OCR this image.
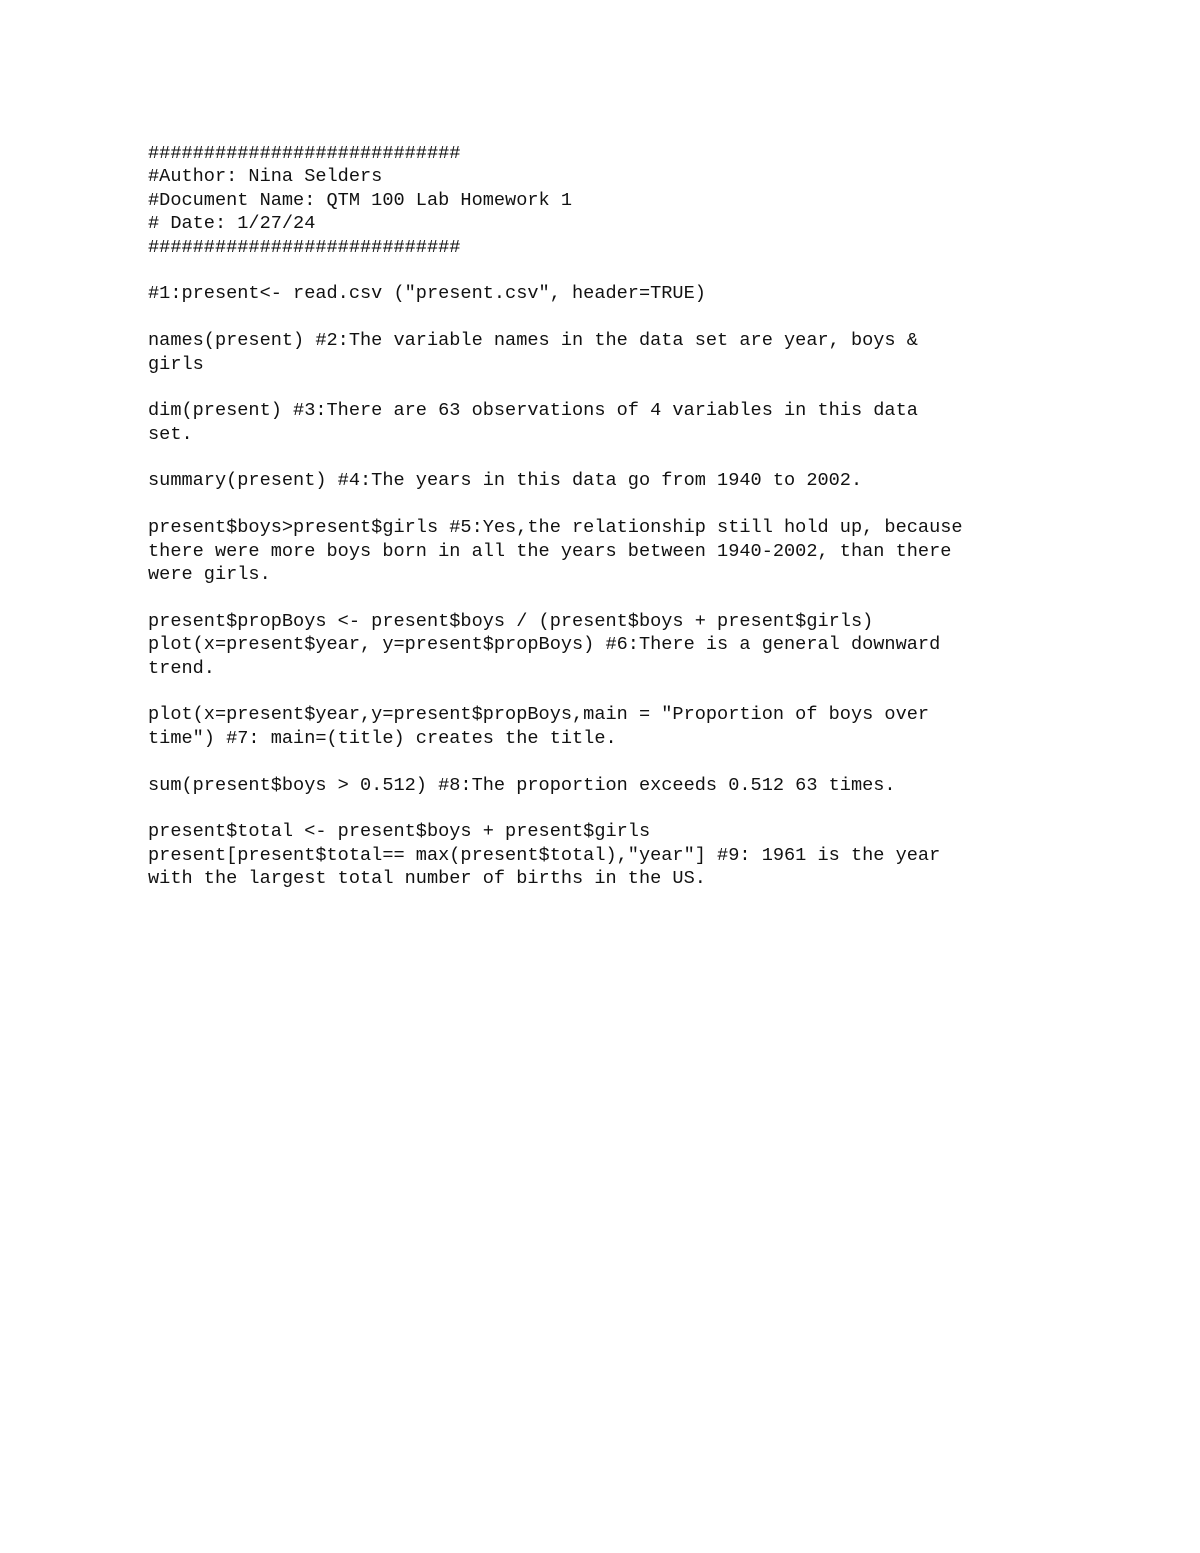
############################
#Author: Nina Selders
#Document Name: QTM 100 Lab Homework 1
# Date: 1/27/24
############################
#1:present<- read.csv ("present.csv", header=TRUE)
names(present) #2:The variable names in the data set are year, boys &
girls
dim(present) #3:There are 63 observations of 4 variables in this data
set.
summary(present) #4:The years in this data go from 1940 to 2002.
present$boys>present$girls #5:Yes,the relationship still hold up, because
there were more boys born in all the years between 1940-2002, than there
were girls.
present$propBoys <- present$boys / (present$boys + present$girls)
plot(x=present$year, y=present$propBoys) #6:There is a general downward
trend.
plot(x=present$year,y=present$propBoys,main = "Proportion of boys over
time") #7: main=(title) creates the title.
sum(present$boys > 0.512) #8:The proportion exceeds 0.512 63 times.
present$total <- present$boys + present$girls
present[present$total== max(present$total),"year"] #9: 1961 is the year
with the largest total number of births in the US.
